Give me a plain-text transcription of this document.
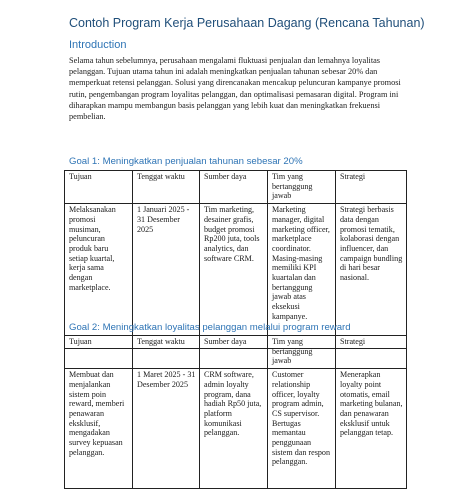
Contoh Program Kerja Perusahaan Dagang (Rencana Tahunan)
Introduction
Selama tahun sebelumnya, perusahaan mengalami fluktuasi penjualan dan lemahnya loyalitas pelanggan. Tujuan utama tahun ini adalah meningkatkan penjualan tahunan sebesar 20% dan memperkuat retensi pelanggan. Solusi yang direncanakan mencakup peluncuran kampanye promosi rutin, pengembangan program loyalitas pelanggan, dan optimalisasi pemasaran digital. Program ini diharapkan mampu membangun basis pelanggan yang lebih kuat dan meningkatkan frekuensi pembelian.
Goal 1: Meningkatkan penjualan tahunan sebesar 20%
Tujuan	Tenggat waktu	Sumber daya	Tim yang bertanggung jawab	Strategi
Melaksanakan promosi musiman, peluncuran produk baru setiap kuartal, kerja sama dengan marketplace.	1 Januari 2025 - 31 Desember 2025	Tim marketing, desainer grafis, budget promosi Rp200 juta, tools analytics, dan software CRM.	Marketing manager, digital marketing officer, marketplace coordinator. Masing-masing memiliki KPI kuartalan dan bertanggung jawab atas eksekusi kampanye.	Strategi berbasis data dengan promosi tematik, kolaborasi dengan influencer, dan campaign bundling di hari besar nasional.
Goal 2: Meningkatkan loyalitas pelanggan melalui program reward
Tujuan	Tenggat waktu	Sumber daya	Tim yang bertanggung jawab	Strategi
Membuat dan menjalankan sistem poin reward, memberi penawaran eksklusif, mengadakan survey kepuasan pelanggan.	1 Maret 2025 - 31 Desember 2025	CRM software, admin loyalty program, dana hadiah Rp50 juta, platform komunikasi pelanggan.	Customer relationship officer, loyalty program admin, CS supervisor. Bertugas memantau penggunaan sistem dan respon pelanggan.	Menerapkan loyalty point otomatis, email marketing bulanan, dan penawaran eksklusif untuk pelanggan tetap.
